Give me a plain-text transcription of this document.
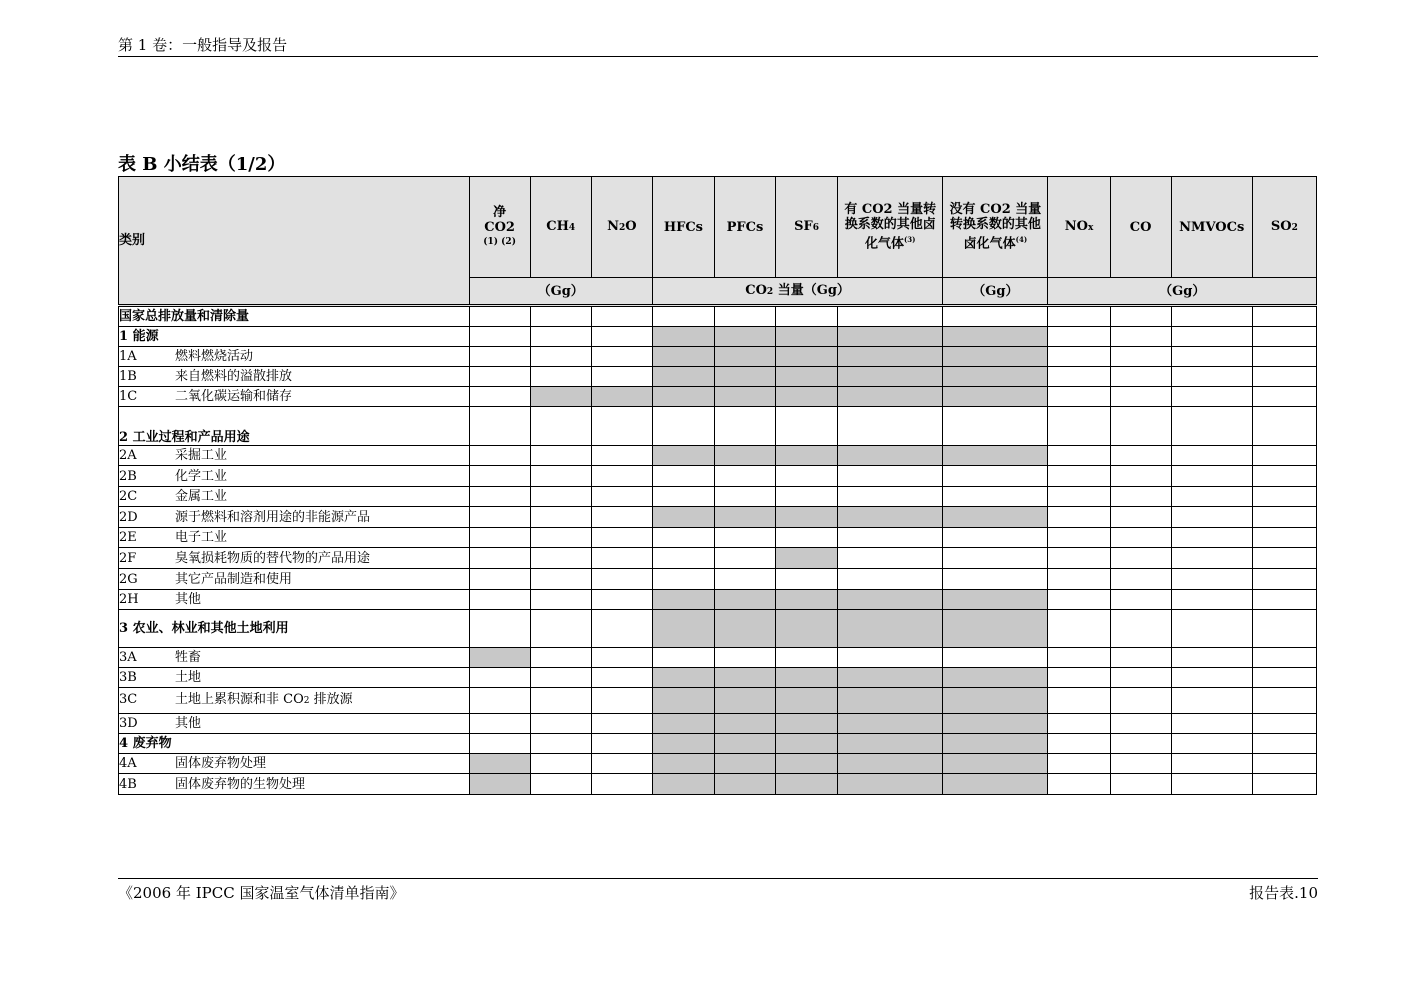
第 1 卷：一般指导及报告
表 B 小结表（1/2）
类别	净
CO2
(1) (2)	CH4	N2O	HFCs	PFCs	SF6	有 CO2 当量转换系数的其他卤化气体$^{(3)}$	没有 CO2 当量转换系数的其他卤化气体$^{(4)}$	NOx	CO	NMVOCs	SO2
	（Gg）			CO2 当量（Gg）				（Gg）	（Gg）			
国家总排放量和清除量												
1 能源												
1A 燃料燃烧活动												
1B 来自燃料的溢散排放												
1C 二氧化碳运输和储存												
2 工业过程和产品用途												
2A 采掘工业												
2B 化学工业												
2C 金属工业												
2D 源于燃料和溶剂用途的非能源产品												
2E 电子工业												
2F 臭氧损耗物质的替代物的产品用途												
2G 其它产品制造和使用												
2H 其他												
3 农业、林业和其他土地利用												
3A 牲畜												
3B 土地												
3C 土地上累积源和非 CO2 排放源												
3D 其他												
4 废弃物												
4A 固体废弃物处理												
4B 固体废弃物的生物处理												
《2006 年 IPCC 国家温室气体清单指南》	报告表.10
